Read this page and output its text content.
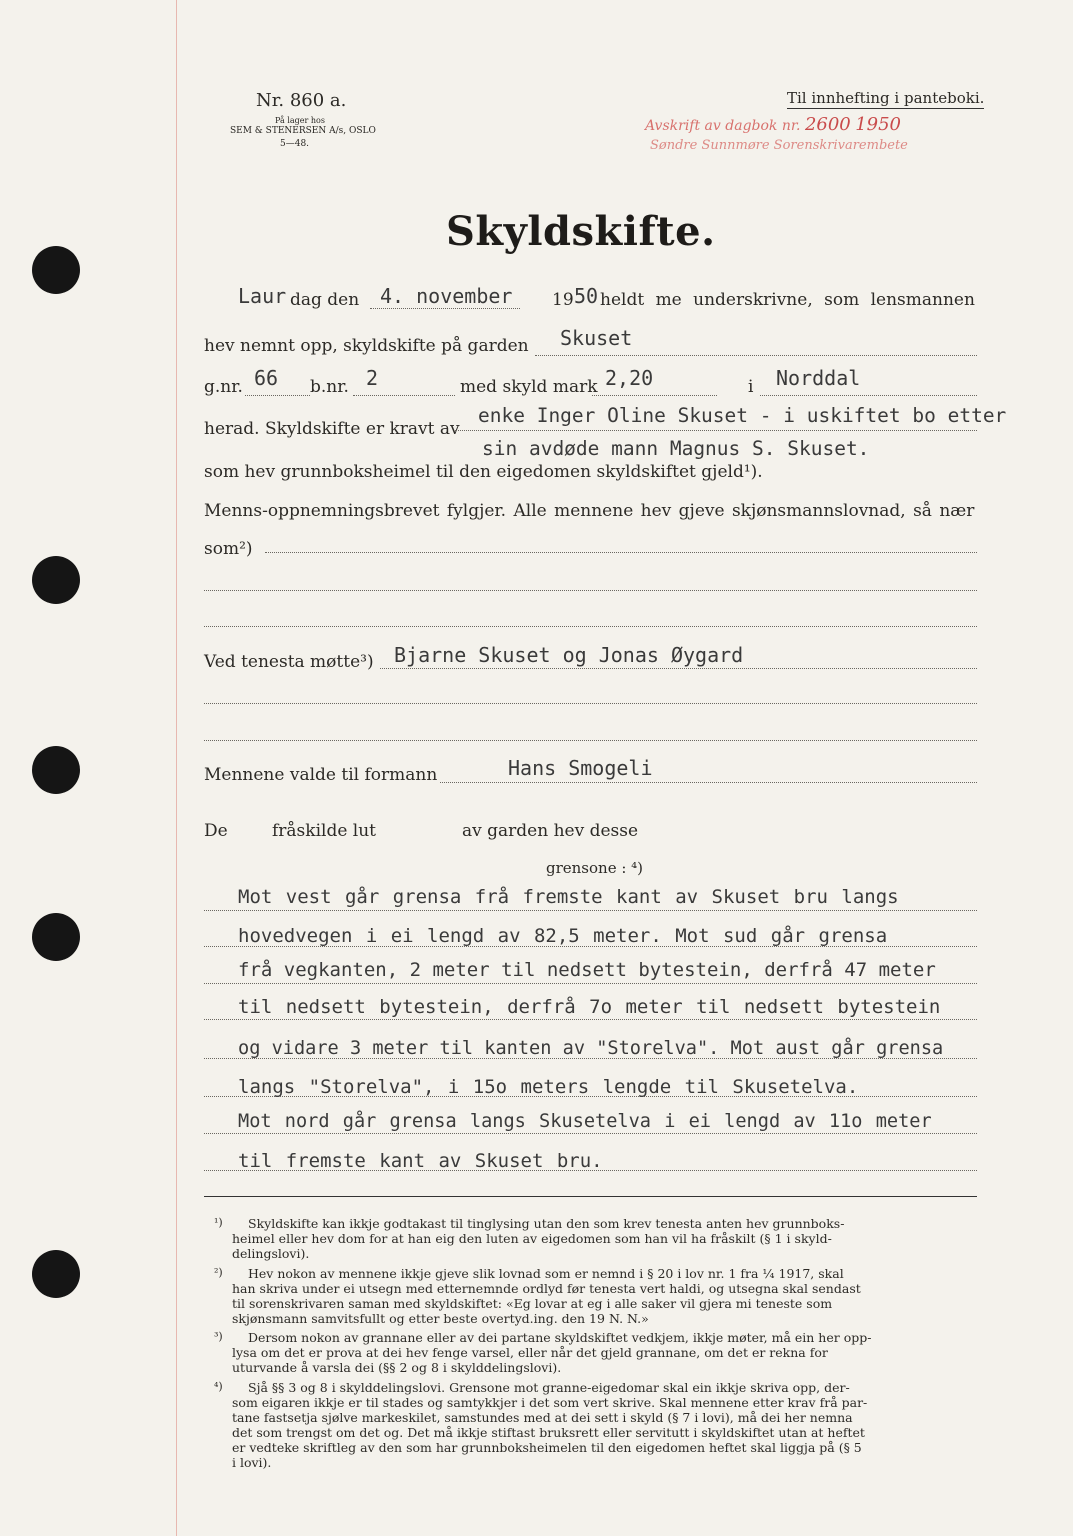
Nr. 860 a.
På lager hos
SEM & STENERSEN A/s, OSLO
5—48.
Til innhefting i panteboki.
Avskrift av dagbok nr. 2600 1950
Søndre Sunnmøre Sorenskrivarembete
Skyldskifte.
Laur dag den 4. november 19 50 heldt me underskrivne, som lensmannen
hev nemnt opp, skyldskifte på garden Skuset
g.nr. 66 b.nr. 2	med skyld mark 2,20	i Norddal
herad. Skyldskifte er kravt av
enke Inger Oline Skuset - i uskiftet bo etter
sin avdøde mann Magnus S. Skuset.
som hev grunnboksheimel til den eigedomen skyldskiftet gjeld¹).
Menns-oppnemningsbrevet fylgjer. Alle mennene hev gjeve skjønsmannslovnad, så nær
som²)
Ved tenesta møtte³) Bjarne Skuset og Jonas Øygard
Mennene valde til formann	Hans Smogeli
De	fråskilde lut	av garden hev desse
grensone : ⁴)
Mot vest går grensa frå fremste kant av Skuset bru langs
hovedvegen i ei lengd av 82,5 meter. Mot sud går grensa
frå vegkanten, 2 meter til nedsett bytestein, derfrå 47 meter
til nedsett bytestein, derfrå 7o meter til nedsett bytestein
og vidare 3 meter til kanten av "Storelva". Mot aust går grensa
langs "Storelva", i 15o meters lengde til Skusetelva.
Mot nord går grensa langs Skusetelva i ei lengd av 11o meter
til fremste kant av Skuset bru.
¹) Skyldskifte kan ikkje godtakast til tinglysing utan den som krev tenesta anten hev grunnboks-
heimel eller hev dom for at han eig den luten av eigedomen som han vil ha fråskilt (§ 1 i skyld-
delingslovi).
²) Hev nokon av mennene ikkje gjeve slik lovnad som er nemnd i § 20 i lov nr. 1 fra ¼ 1917, skal
han skriva under ei utsegn med etternemnde ordlyd før tenesta vert haldi, og utsegna skal sendast
til sorenskrivaren saman med skyldskiftet: «Eg lovar at eg i alle saker vil gjera mi teneste som
skjønsmann samvitsfullt og etter beste overtyd.ing. den 19 N. N.»
³) Dersom nokon av grannane eller av dei partane skyldskiftet vedkjem, ikkje møter, må ein her opp-
lysa om det er prova at dei hev fenge varsel, eller når det gjeld grannane, om det er rekna for
uturvande å varsla dei (§§ 2 og 8 i skylddelingslovi).
⁴) Sjå §§ 3 og 8 i skylddelingslovi. Grensone mot granne-eigedomar skal ein ikkje skriva opp, der-
som eigaren ikkje er til stades og samtykkjer i det som vert skrive. Skal mennene etter krav frå par-
tane fastsetja sjølve markeskilet, samstundes med at dei sett i skyld (§ 7 i lovi), må dei her nemna
det som trengst om det og. Det må ikkje stiftast bruksrett eller servitutt i skyldskiftet utan at heftet
er vedteke skriftleg av den som har grunnboksheimelen til den eigedomen heftet skal liggja på (§ 5
i lovi).
